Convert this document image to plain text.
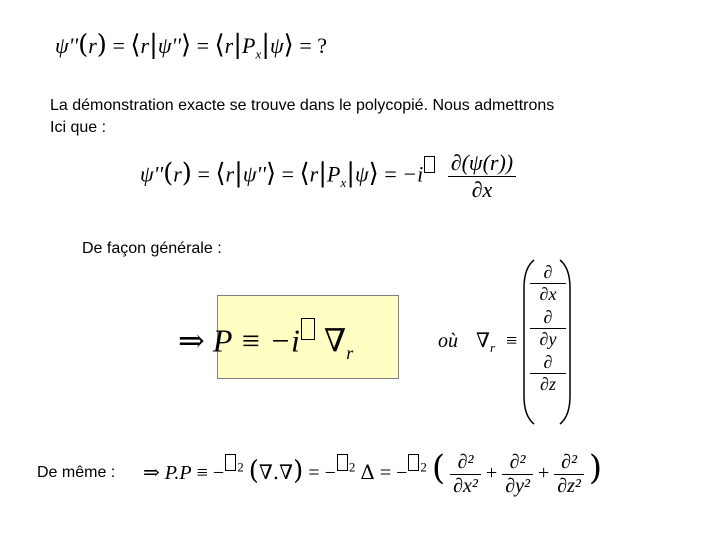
ψ''(r) = ⟨r|ψ''⟩ = $⟨r|P_x|\psi⟩$ = ?
La démonstration exacte se trouve dans le polycopié. Nous admettrons
Ici que :
ψ''(r) = ⟨r|ψ''⟩ = $⟨r|P_x|\psi⟩ = -i \frac{\partial(\psi(r))}{\partial x}$
De façon générale :
⇒ P ≡ −i $\nabla_r$
où $\nabla_r$ ≡
∂
∂x
∂
∂y
∂
∂z
De même : ⇒ P.P ≡ − $^2$ (∇.∇) = − $^2$ Δ = − $^2$ ( $\frac{\text{∂²}}{\text{∂x²}} + \frac{\text{∂²}}{\text{∂y²}} + \frac{\text{∂²}}{\text{∂z²}}$ )
